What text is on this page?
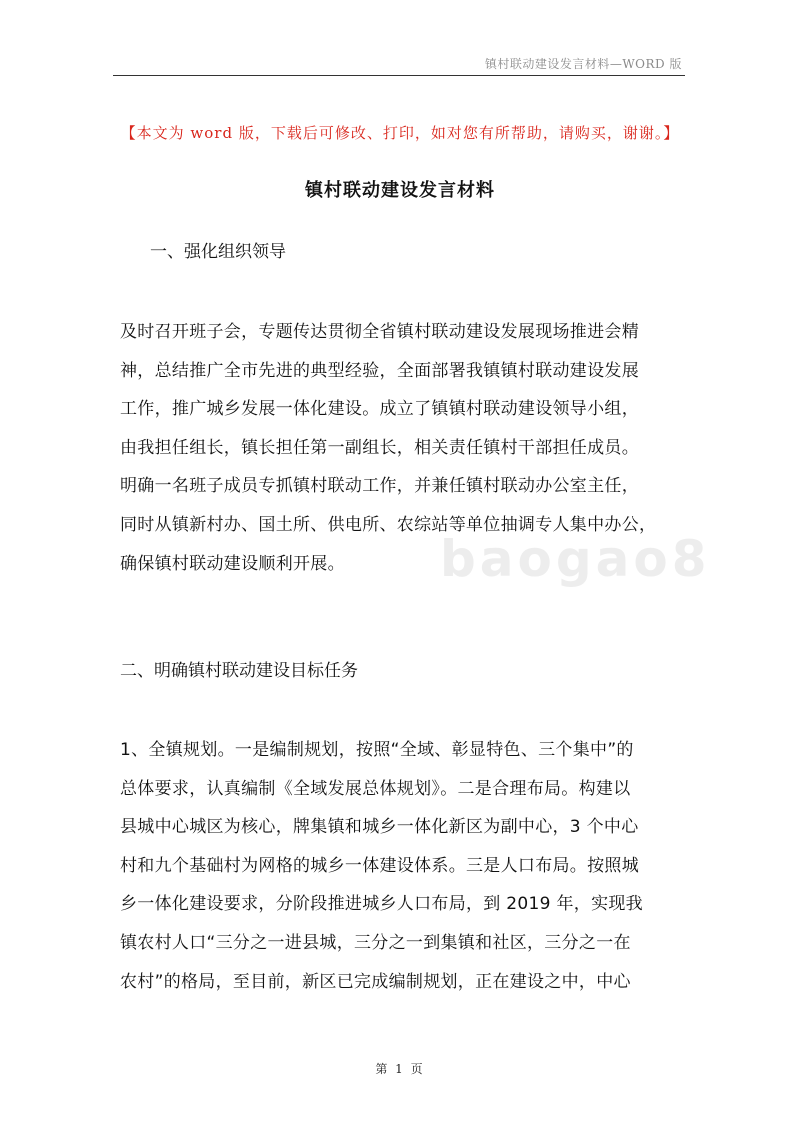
镇村联动建设发言材料—WORD 版
【本文为 word 版，下载后可修改、打印，如对您有所帮助，请购买，谢谢。】
镇村联动建设发言材料
一、强化组织领导
及时召开班子会，专题传达贯彻全省镇村联动建设发展现场推进会精
神，总结推广全市先进的典型经验，全面部署我镇镇村联动建设发展
工作，推广城乡发展一体化建设。成立了镇镇村联动建设领导小组，
由我担任组长，镇长担任第一副组长，相关责任镇村干部担任成员。
明确一名班子成员专抓镇村联动工作，并兼任镇村联动办公室主任，
同时从镇新村办、国土所、供电所、农综站等单位抽调专人集中办公，
确保镇村联动建设顺利开展。
二、明确镇村联动建设目标任务
1、全镇规划。一是编制规划，按照“全域、彰显特色、三个集中”的
总体要求，认真编制《全域发展总体规划》。二是合理布局。构建以
县城中心城区为核心，牌集镇和城乡一体化新区为副中心，3 个中心
村和九个基础村为网格的城乡一体建设体系。三是人口布局。按照城
乡一体化建设要求，分阶段推进城乡人口布局，到 2019 年，实现我
镇农村人口“三分之一进县城，三分之一到集镇和社区，三分之一在
农村”的格局，至目前，新区已完成编制规划，正在建设之中，中心
baogao8
第 1 页
